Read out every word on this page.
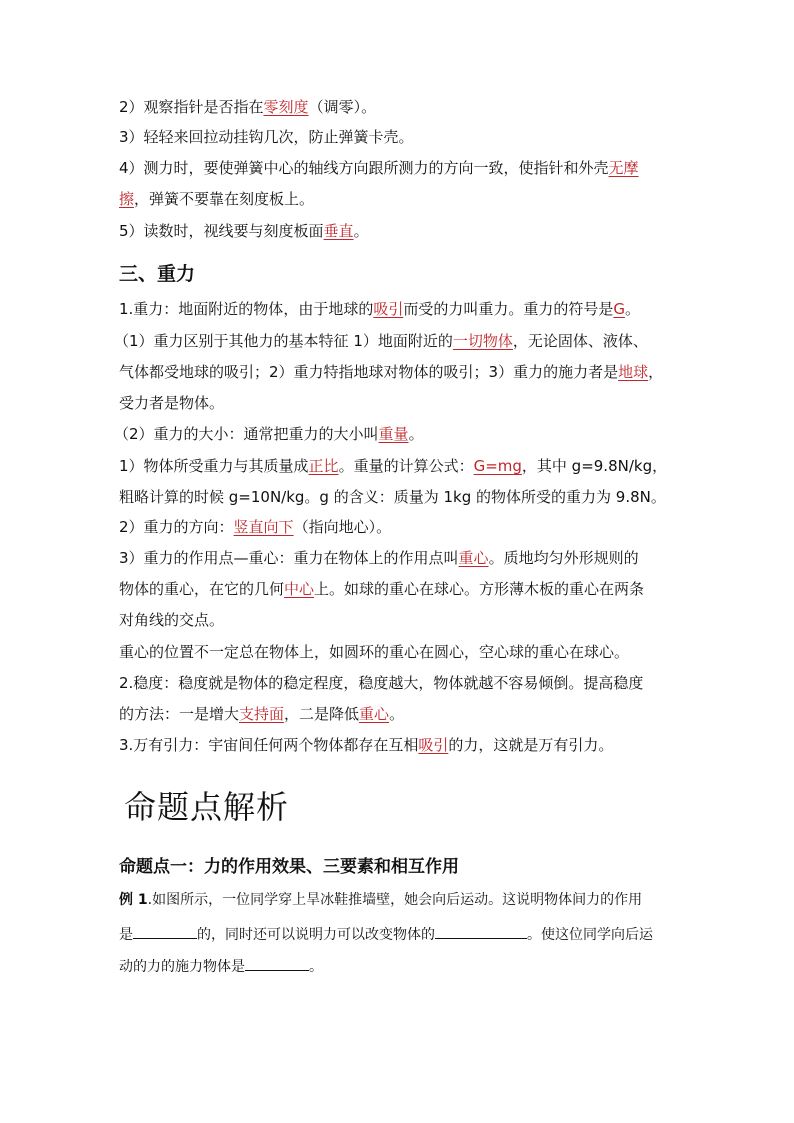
2）观察指针是否指在零刻度（调零）。
3）轻轻来回拉动挂钩几次，防止弹簧卡壳。
4）测力时，要使弹簧中心的轴线方向跟所测力的方向一致，使指针和外壳无摩
擦，弹簧不要靠在刻度板上。
5）读数时，视线要与刻度板面垂直。
三、重力
1.重力：地面附近的物体，由于地球的吸引而受的力叫重力。重力的符号是G。
（1）重力区别于其他力的基本特征 1）地面附近的一切物体，无论固体、液体、
气体都受地球的吸引；2）重力特指地球对物体的吸引；3）重力的施力者是地球，
受力者是物体。
（2）重力的大小：通常把重力的大小叫重量。
1）物体所受重力与其质量成正比。重量的计算公式：G=mg，其中 g=9.8N/kg，
粗略计算的时候 g=10N/kg。g 的含义：质量为 1kg 的物体所受的重力为 9.8N。
2）重力的方向：竖直向下（指向地心）。
3）重力的作用点—重心：重力在物体上的作用点叫重心。质地均匀外形规则的
物体的重心，在它的几何中心上。如球的重心在球心。方形薄木板的重心在两条
对角线的交点。
重心的位置不一定总在物体上，如圆环的重心在圆心，空心球的重心在球心。
2.稳度：稳度就是物体的稳定程度，稳度越大，物体就越不容易倾倒。提高稳度
的方法：一是增大支持面，二是降低重心。
3.万有引力：宇宙间任何两个物体都存在互相吸引的力，这就是万有引力。
命题点解析
命题点一：力的作用效果、三要素和相互作用
例 1.如图所示，一位同学穿上旱冰鞋推墙壁，她会向后运动。这说明物体间力的作用
是	的，同时还可以说明力可以改变物体的	。使这位同学向后运
动的力的施力物体是	。
